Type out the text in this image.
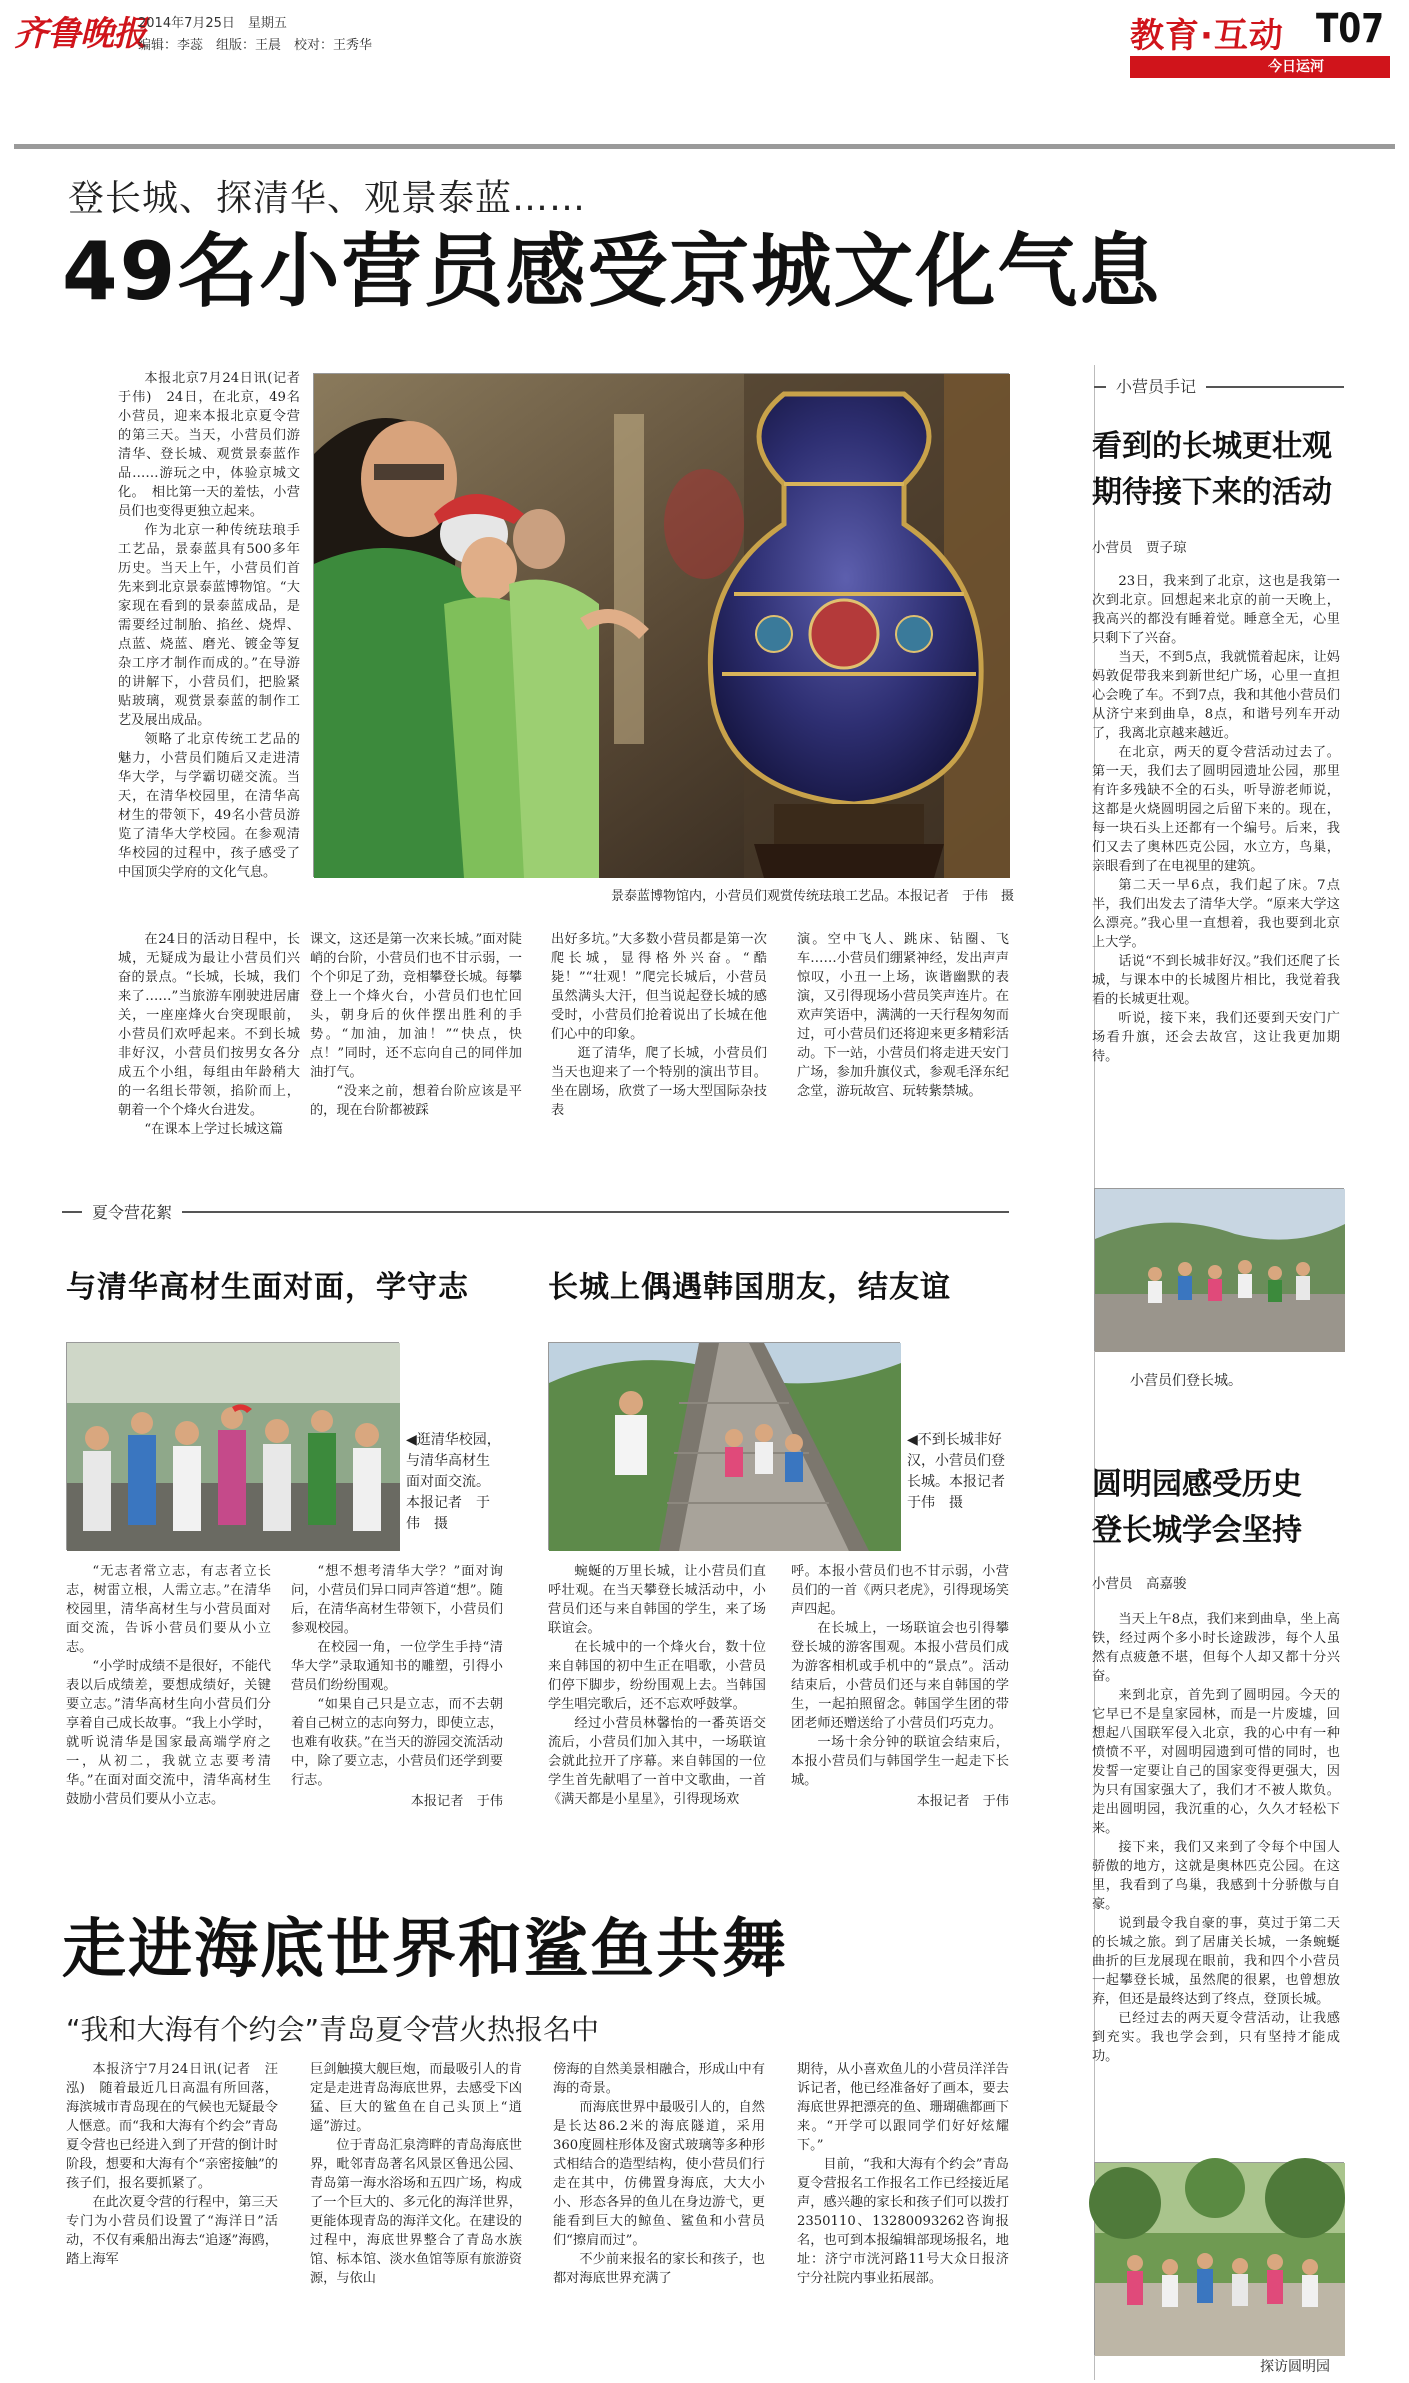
齐鲁晚报
2014年7月25日　星期五
编辑：李蕊　组版：王晨　校对：王秀华	教育·互动 T07
今日运河
登长城、探清华、观景泰蓝……
49名小营员感受京城文化气息
景泰蓝博物馆内，小营员们观赏传统珐琅工艺品。本报记者　于伟　摄

本报北京7月24日讯(记者　于伟)　24日，在北京，49名小营员，迎来本报北京夏令营的第三天。当天，小营员们游清华、登长城、观赏景泰蓝作品……游玩之中，体验京城文化。　相比第一天的羞怯，小营员们也变得更独立起来。

作为北京一种传统珐琅手工艺品，景泰蓝具有500多年历史。当天上午，小营员们首先来到北京景泰蓝博物馆。“大家现在看到的景泰蓝成品，是需要经过制胎、掐丝、烧焊、点蓝、烧蓝、磨光、镀金等复杂工序才制作而成的。”在导游的讲解下，小营员们，把脸紧贴玻璃，观赏景泰蓝的制作工艺及展出成品。

领略了北京传统工艺品的魅力，小营员们随后又走进清华大学，与学霸切磋交流。当天，在清华校园里，在清华高材生的带领下，49名小营员游览了清华大学校园。在参观清华校园的过程中，孩子感受了中国顶尖学府的文化气息。

在24日的活动日程中，长城，无疑成为最让小营员们兴奋的景点。“长城，长城，我们来了……”当旅游车刚驶进居庸关，一座座烽火台突现眼前，小营员们欢呼起来。不到长城非好汉，小营员们按男女各分成五个小组，每组由年龄稍大的一名组长带领，掐阶而上，朝着一个个烽火台进发。

“在课本上学过长城这篇

课文，这还是第一次来长城。”面对陡峭的台阶，小营员们也不甘示弱，一个个卯足了劲，竞相攀登长城。每攀登上一个烽火台，小营员们也忙回头，朝身后的伙伴摆出胜利的手势。“加油，加油！”“快点，快点！”同时，还不忘向自己的同伴加油打气。

“没来之前，想着台阶应该是平的，现在台阶都被踩

出好多坑。”大多数小营员都是第一次爬长城，显得格外兴奋。“酷毙！”“壮观！”爬完长城后，小营员虽然满头大汗，但当说起登长城的感受时，小营员们抢着说出了长城在他们心中的印象。

逛了清华，爬了长城，小营员们当天也迎来了一个特别的演出节目。坐在剧场，欣赏了一场大型国际杂技表

演。空中飞人、跳床、钻圈、飞车……小营员们绷紧神经，发出声声惊叹，小丑一上场，诙谐幽默的表演，又引得现场小营员笑声连片。在欢声笑语中，满满的一天行程匆匆而过，可小营员们还将迎来更多精彩活动。下一站，小营员们将走进天安门广场，参加升旗仪式，参观毛泽东纪念堂，游玩故宫、玩转紫禁城。

夏令营花絮
与清华高材生面对面，学守志	长城上偶遇韩国朋友，结友谊
◀逛清华校园，与清华高材生面对面交流。本报记者　于伟　摄
◀不到长城非好汉，小营员们登长城。本报记者　于伟　摄

“无志者常立志，有志者立长志，树雷立根，人需立志。”在清华校园里，清华高材生与小营员面对面交流，告诉小营员们要从小立志。

“小学时成绩不是很好，不能代表以后成绩差，要想成绩好，关键要立志。”清华高材生向小营员们分享着自己成长故事。“我上小学时，就听说清华是国家最高端学府之一，从初二，我就立志要考清华。”在面对面交流中，清华高材生鼓励小营员们要从小立志。

“想不想考清华大学？”面对询问，小营员们异口同声答道“想”。随后，在清华高材生带领下，小营员们参观校园。

在校园一角，一位学生手持“清华大学”录取通知书的雕塑，引得小营员们纷纷围观。

“如果自己只是立志，而不去朝着自己树立的志向努力，即使立志，也难有收获。”在当天的游园交流活动中，除了要立志，小营员们还学到要行志。

本报记者　于伟

蜿蜒的万里长城，让小营员们直呼壮观。在当天攀登长城活动中，小营员们还与来自韩国的学生，来了场联谊会。

在长城中的一个烽火台，数十位来自韩国的初中生正在唱歌，小营员们停下脚步，纷纷围观上去。当韩国学生唱完歌后，还不忘欢呼鼓掌。

经过小营员林馨怡的一番英语交流后，小营员们加入其中，一场联谊会就此拉开了序幕。来自韩国的一位学生首先献唱了一首中文歌曲，一首《满天都是小星星》，引得现场欢

呼。本报小营员们也不甘示弱，小营员们的一首《两只老虎》，引得现场笑声四起。

在长城上，一场联谊会也引得攀登长城的游客围观。本报小营员们成为游客相机或手机中的“景点”。活动结束后，小营员们还与来自韩国的学生，一起拍照留念。韩国学生团的带团老师还赠送给了小营员们巧克力。

一场十余分钟的联谊会结束后，本报小营员们与韩国学生一起走下长城。

本报记者　于伟

走进海底世界和鲨鱼共舞
“我和大海有个约会”青岛夏令营火热报名中

本报济宁7月24日讯(记者　汪泓)　随着最近几日高温有所回落，海滨城市青岛现在的气候也无疑最令人惬意。而“我和大海有个约会”青岛夏令营也已经进入到了开营的倒计时阶段，想要和大海有个“亲密接触”的孩子们，报名要抓紧了。

在此次夏令营的行程中，第三天专门为小营员们设置了“海洋日”活动，不仅有乘船出海去“追逐”海鸥，踏上海军

巨剑触摸大舰巨炮，而最吸引人的肯定是走进青岛海底世界，去感受下凶猛、巨大的鲨鱼在自己头顶上“逍遥”游过。

位于青岛汇泉湾畔的青岛海底世界，毗邻青岛著名风景区鲁迅公园、青岛第一海水浴场和五四广场，构成了一个巨大的、多元化的海洋世界，更能体现青岛的海洋文化。在建设的过程中，海底世界整合了青岛水族馆、标本馆、淡水鱼馆等原有旅游资源，与依山

傍海的自然美景相融合，形成山中有海的奇景。

而海底世界中最吸引人的，自然是长达86.2米的海底隧道，采用360度圆柱形体及窗式玻璃等多种形式相结合的造型结构，使小营员们行走在其中，仿佛置身海底，大大小小、形态各异的鱼儿在身边游弋，更能看到巨大的鲸鱼、鲨鱼和小营员们“擦肩而过”。

不少前来报名的家长和孩子，也都对海底世界充满了

期待，从小喜欢鱼儿的小营员洋洋告诉记者，他已经准备好了画本，要去海底世界把漂亮的鱼、珊瑚礁都画下来。“开学可以跟同学们好好炫耀下。”

目前，“我和大海有个约会”青岛夏令营报名工作报名工作已经接近尾声，感兴趣的家长和孩子们可以拨打2350110、13280093262咨询报名，也可到本报编辑部现场报名，地址：济宁市洸河路11号大众日报济宁分社院内事业拓展部。

小营员手记
看到的长城更壮观
期待接下来的活动
小营员　贾子琼

23日，我来到了北京，这也是我第一次到北京。回想起来北京的前一天晚上，我高兴的都没有睡着觉。睡意全无，心里只剩下了兴奋。

当天，不到5点，我就慌着起床，让妈妈敦促带我来到新世纪广场，心里一直担心会晚了车。不到7点，我和其他小营员们从济宁来到曲阜，8点，和谐号列车开动了，我离北京越来越近。

在北京，两天的夏令营活动过去了。第一天，我们去了圆明园遗址公园，那里有许多残缺不全的石头，听导游老师说，这都是火烧圆明园之后留下来的。现在，每一块石头上还都有一个编号。后来，我们又去了奥林匹克公园，水立方，鸟巢，亲眼看到了在电视里的建筑。

第二天一早6点，我们起了床。7点半，我们出发去了清华大学。“原来大学这么漂亮。”我心里一直想着，我也要到北京上大学。

话说“不到长城非好汉。”我们还爬了长城，与课本中的长城图片相比，我觉着我看的长城更壮观。

听说，接下来，我们还要到天安门广场看升旗，还会去故宫，这让我更加期待。

小营员们登长城。
圆明园感受历史
登长城学会坚持
小营员　高嘉骏

当天上午8点，我们来到曲阜，坐上高铁，经过两个多小时长途跋涉，每个人虽然有点疲惫不堪，但每个人却又都十分兴奋。

来到北京，首先到了圆明园。今天的它早已不是皇家园林，而是一片废墟，回想起八国联军侵入北京，我的心中有一种愤愤不平，对圆明园遗到可惜的同时，也发誓一定要让自己的国家变得更强大，因为只有国家强大了，我们才不被人欺负。走出圆明园，我沉重的心，久久才轻松下来。

接下来，我们又来到了令每个中国人骄傲的地方，这就是奥林匹克公园。在这里，我看到了鸟巢，我感到十分骄傲与自豪。

说到最令我自豪的事，莫过于第二天的长城之旅。到了居庸关长城，一条蜿蜒曲折的巨龙展现在眼前，我和四个小营员一起攀登长城，虽然爬的很累，也曾想放弃，但还是最终达到了终点，登顶长城。

已经过去的两天夏令营活动，让我感到充实。我也学会到，只有坚持才能成功。

探访圆明园
